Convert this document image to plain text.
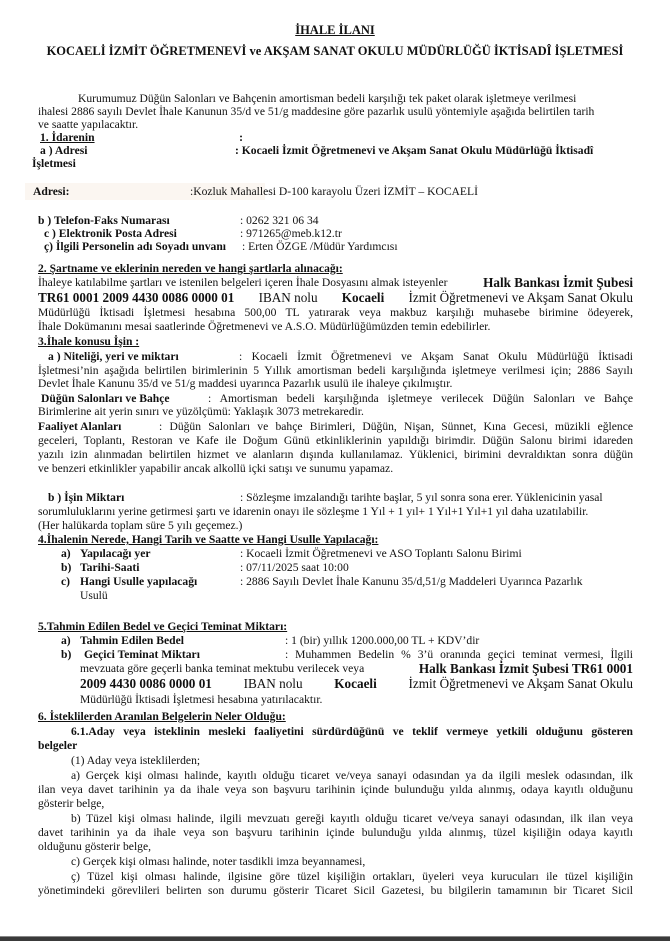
İHALE İLANI
KOCAELİ İZMİT ÖĞRETMENEVİ ve AKŞAM SANAT OKULU MÜDÜRLÜĞÜ İKTİSADÎ İŞLETMESİ
Kurumumuz Düğün Salonları ve Bahçenin amortisman bedeli karşılığı tek paket olarak işletmeye verilmesi
ihalesi 2886 sayılı Devlet İhale Kanunun 35/d ve 51/g maddesine göre pazarlık usulü yöntemiyle aşağıda belirtilen tarih
ve saatte yapılacaktır.
1. İdarenin	:
a ) Adresi	: Kocaeli İzmit Öğretmenevi ve Akşam Sanat Okulu Müdürlüğü İktisadî
İşletmesi
Adresi:	:Kozluk Mahallesi D-100 karayolu Üzeri İZMİT – KOCAELİ
b ) Telefon-Faks Numarası	: 0262 321 06 34
c ) Elektronik Posta Adresi	: 971265@meb.k12.tr
ç) İlgili Personelin adı Soyadı unvanı : Erten ÖZGE /Müdür Yardımcısı
2. Şartname ve eklerinin nereden ve hangi şartlarla alınacağı:
İhaleye katılabilme şartları ve istenilen belgeleri içeren İhale Dosyasını almak isteyenler	Halk Bankası İzmit Şubesi
TR61 0001 2009 4430 0086 0000 01 IBAN nolu Kocaeli İzmit Öğretmenevi ve Akşam Sanat Okulu
Müdürlüğü İktisadi İşletmesi hesabına 500,00 TL yatırarak veya makbuz karşılığı muhasebe birimine ödeyerek,
İhale Dokümanını mesai saatlerinde Öğretmenevi ve A.S.O. Müdürlüğümüzden temin edebilirler.
3.İhale konusu İşin :
a ) Niteliği, yeri ve miktarı	: Kocaeli İzmit Öğretmenevi ve Akşam Sanat Okulu Müdürlüğü İktisadi
İşletmesi’nin aşağıda belirtilen birimlerinin 5 Yıllık amortisman bedeli karşılığında işletmeye verilmesi için; 2886 Sayılı
Devlet İhale Kanunu 35/d ve 51/g maddesi uyarınca Pazarlık usulü ile ihaleye çıkılmıştır.
Düğün Salonları ve Bahçe	: Amortisman bedeli karşılığında işletmeye verilecek Düğün Salonları ve Bahçe
Birimlerine ait yerin sınırı ve yüzölçümü: Yaklaşık 3073 metrekaredir.
Faaliyet Alanları	: Düğün Salonları ve bahçe Birimleri, Düğün, Nişan, Sünnet, Kına Gecesi, müzikli eğlence
geceleri, Toplantı, Restoran ve Kafe ile Doğum Günü etkinliklerinin yapıldığı birimdir. Düğün Salonu birimi idareden
yazılı izin alınmadan belirtilen hizmet ve alanların dışında kullanılamaz. Yüklenici, birimini devraldıktan sonra düğün
ve benzeri etkinlikler yapabilir ancak alkollü içki satışı ve sunumu yapamaz.
b ) İşin Miktarı	: Sözleşme imzalandığı tarihte başlar, 5 yıl sonra sona erer. Yüklenicinin yasal
sorumluluklarını yerine getirmesi şartı ve idarenin onayı ile sözleşme 1 Yıl + 1 yıl+ 1 Yıl+1 Yıl+1 yıl daha uzatılabilir.
(Her halükarda toplam süre 5 yılı geçemez.)
4.İhalenin Nerede, Hangi Tarih ve Saatte ve Hangi Usulle Yapılacağı:
a) Yapılacağı yer	: Kocaeli İzmit Öğretmenevi ve ASO Toplantı Salonu Birimi
b) Tarihi-Saati	: 07/11/2025 saat 10:00
c) Hangi Usulle yapılacağı	: 2886 Sayılı Devlet İhale Kanunu 35/d,51/g Maddeleri Uyarınca Pazarlık
Usulü
5.Tahmin Edilen Bedel ve Geçici Teminat Miktarı:
a) Tahmin Edilen Bedel	: 1 (bir) yıllık 1200.000,00 TL + KDV’dir
b) Geçici Teminat Miktarı	: Muhammen Bedelin % 3’ü oranında geçici teminat vermesi, İlgili
mevzuata göre geçerli banka teminat mektubu verilecek veya	Halk Bankası İzmit Şubesi TR61 0001
2009 4430 0086 0000 01 IBAN nolu Kocaeli İzmit Öğretmenevi ve Akşam Sanat Okulu
Müdürlüğü İktisadi İşletmesi hesabına yatırılacaktır.
6. İsteklilerden Aranılan Belgelerin Neler Olduğu:
6.1.Aday veya isteklinin mesleki faaliyetini sürdürdüğünü ve teklif vermeye yetkili olduğunu gösteren
belgeler
(1) Aday veya isteklilerden;
a) Gerçek kişi olması halinde, kayıtlı olduğu ticaret ve/veya sanayi odasından ya da ilgili meslek odasından, ilk
ilan veya davet tarihinin ya da ihale veya son başvuru tarihinin içinde bulunduğu yılda alınmış, odaya kayıtlı olduğunu
gösterir belge,
b) Tüzel kişi olması halinde, ilgili mevzuatı gereği kayıtlı olduğu ticaret ve/veya sanayi odasından, ilk ilan veya
davet tarihinin ya da ihale veya son başvuru tarihinin içinde bulunduğu yılda alınmış, tüzel kişiliğin odaya kayıtlı
olduğunu gösterir belge,
c) Gerçek kişi olması halinde, noter tasdikli imza beyannamesi,
ç) Tüzel kişi olması halinde, ilgisine göre tüzel kişiliğin ortakları, üyeleri veya kurucuları ile tüzel kişiliğin
yönetimindeki görevlileri belirten son durumu gösterir Ticaret Sicil Gazetesi, bu bilgilerin tamamının bir Ticaret Sicil
